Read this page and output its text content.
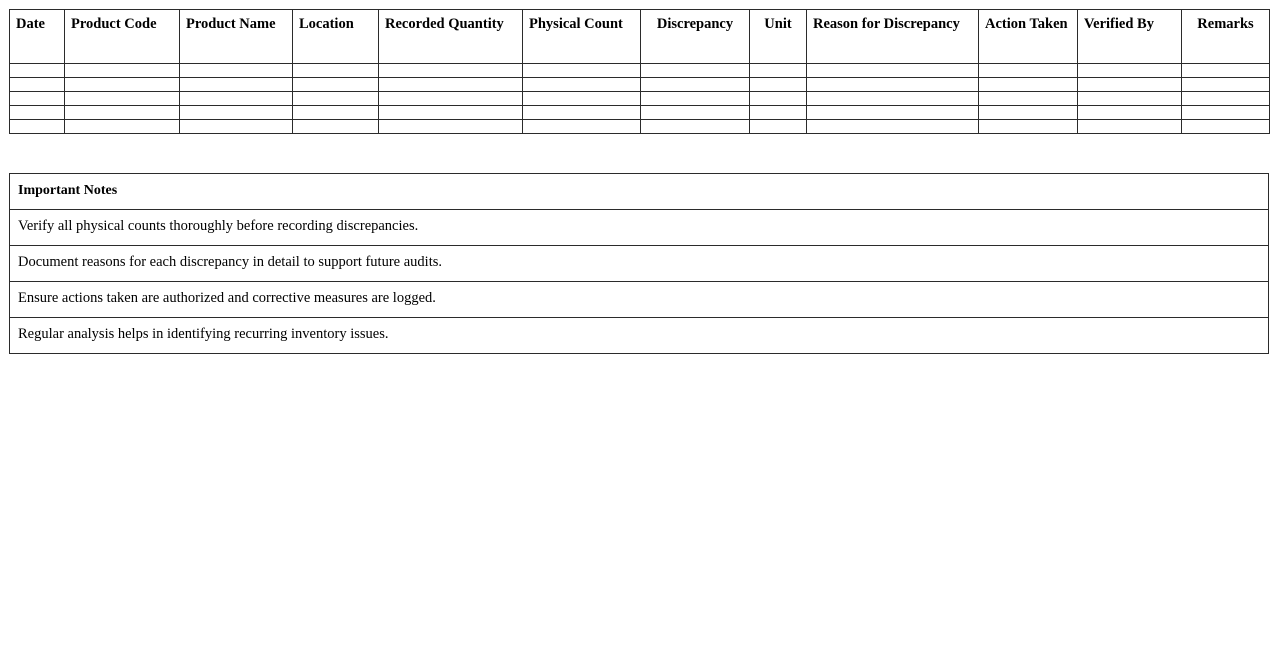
Date	Product Code	Product Name	Location	Recorded Quantity	Physical Count	Discrepancy	Unit	Reason for Discrepancy	Action Taken	Verified By	Remarks

Important Notes
Verify all physical counts thoroughly before recording discrepancies.
Document reasons for each discrepancy in detail to support future audits.
Ensure actions taken are authorized and corrective measures are logged.
Regular analysis helps in identifying recurring inventory issues.
